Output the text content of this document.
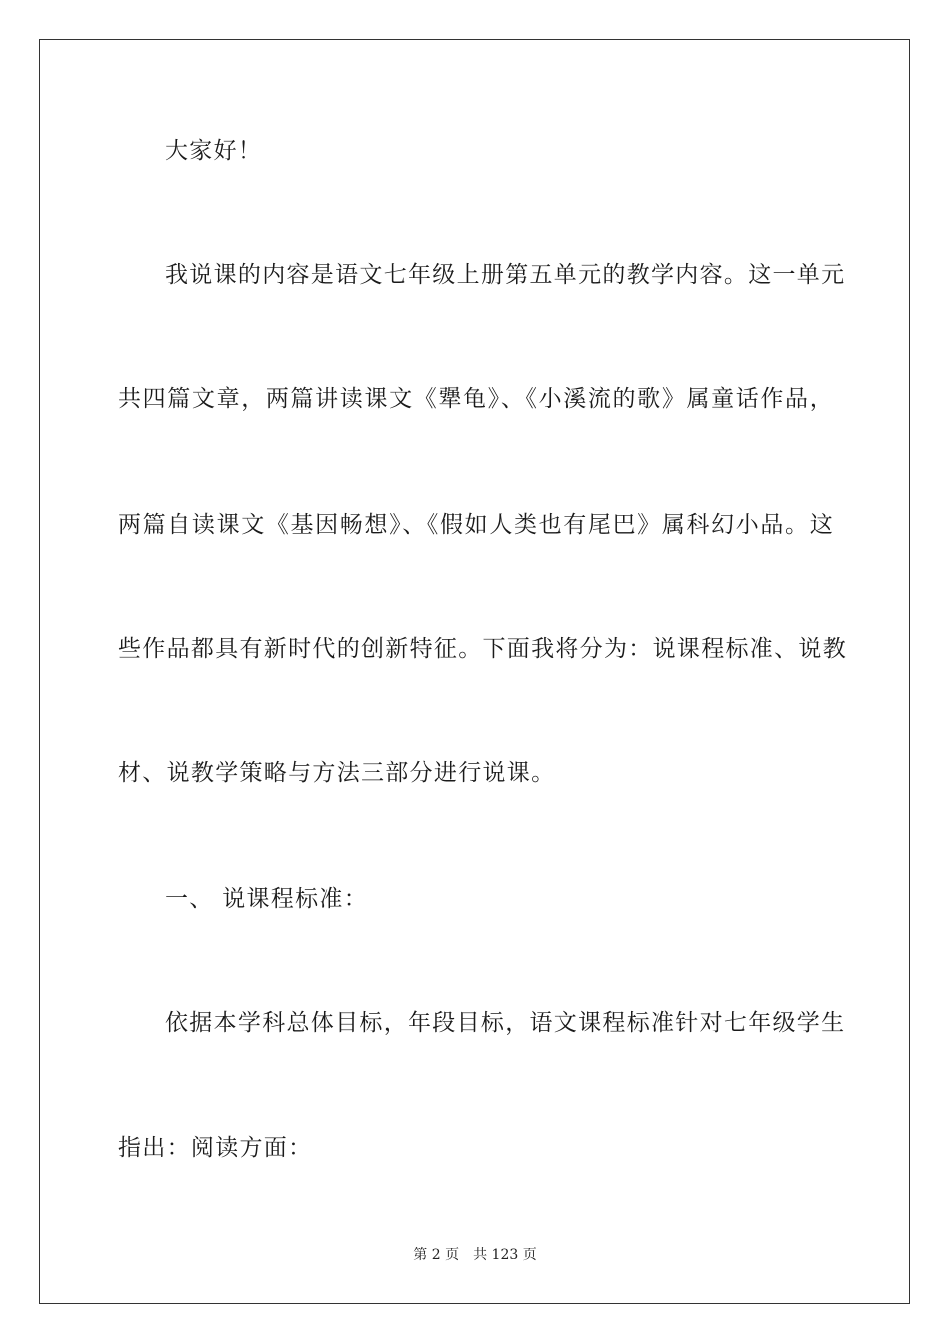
大家好！
我说课的内容是语文七年级上册第五单元的教学内容。这一单元
共四篇文章，两篇讲读课文《犟龟》、《小溪流的歌》属童话作品，
两篇自读课文《基因畅想》、《假如人类也有尾巴》属科幻小品。这
些作品都具有新时代的创新特征。下面我将分为：说课程标准、说教
材、说教学策略与方法三部分进行说课。
一、 说课程标准：
依据本学科总体目标，年段目标，语文课程标准针对七年级学生
指出：阅读方面：
第 2 页 共 123 页
